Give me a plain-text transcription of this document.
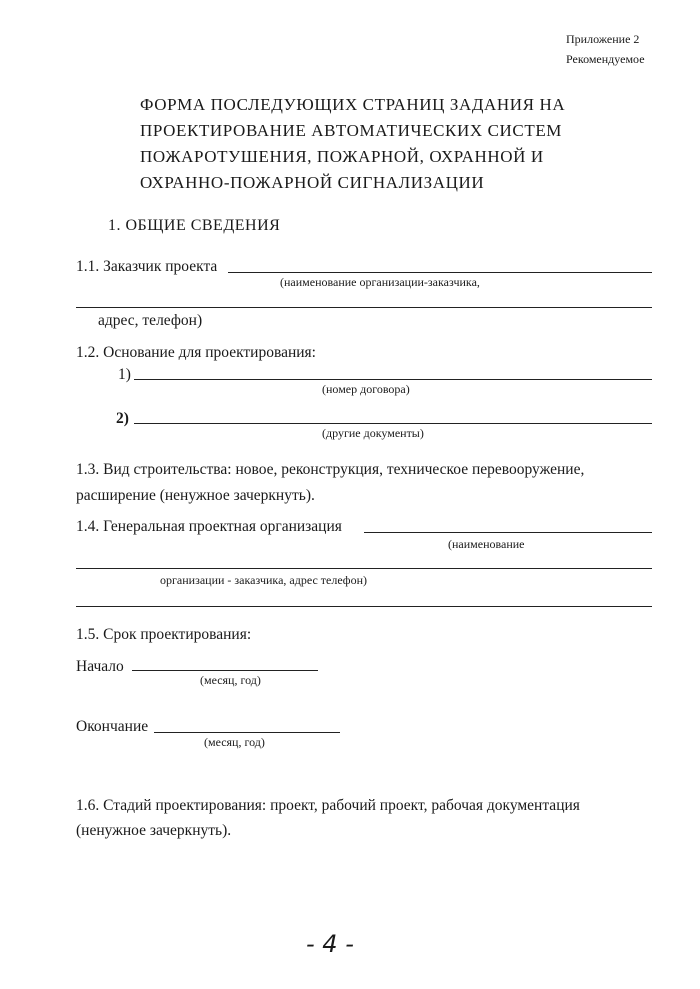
Приложение 2
Рекомендуемое
ФОРМА ПОСЛЕДУЮЩИХ СТРАНИЦ ЗАДАНИЯ НА
ПРОЕКТИРОВАНИЕ АВТОМАТИЧЕСКИХ СИСТЕМ
ПОЖАРОТУШЕНИЯ, ПОЖАРНОЙ, ОХРАННОЙ И
ОХРАННО-ПОЖАРНОЙ СИГНАЛИЗАЦИИ
1. ОБЩИЕ СВЕДЕНИЯ
1.1. Заказчик проекта
(наименование организации-заказчика,
адрес, телефон)
1.2. Основание для проектирования:
1)
(номер договора)
2)
(другие документы)
1.3. Вид строительства: новое, реконструкция, техническое перевооружение,
расширение (ненужное зачеркнуть).
1.4. Генеральная проектная организация
(наименование
организации - заказчика, адрес телефон)
1.5. Срок проектирования:
Начало
(месяц, год)
Окончание
(месяц, год)
1.6. Стадий проектирования: проект, рабочий проект, рабочая документация
(ненужное зачеркнуть).
- 4 -
